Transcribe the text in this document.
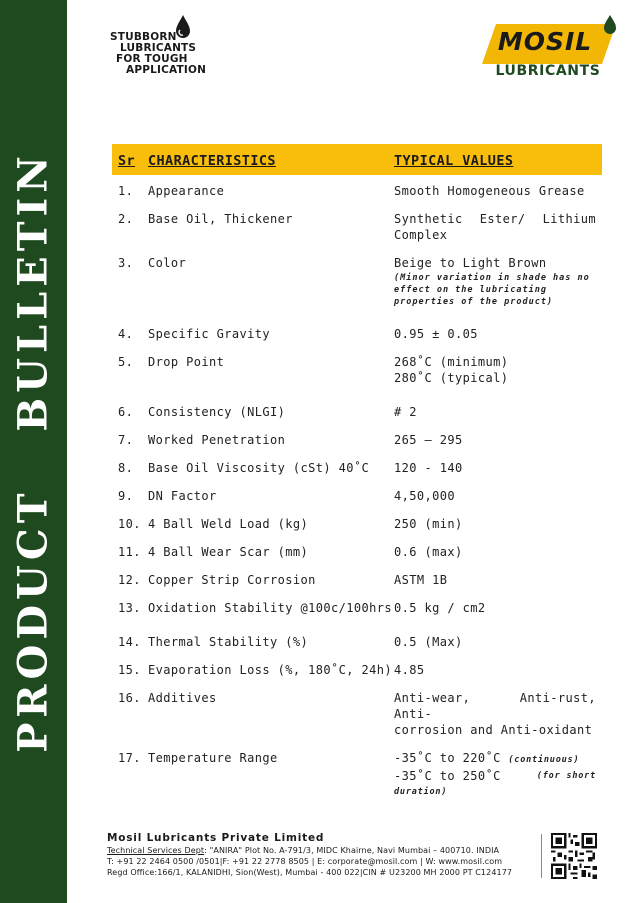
PRODUCT   BULLETIN
STUBBORN
LUBRICANTS
FOR TOUGH
APPLICATION
MOSIL
LUBRICANTS
Sr	CHARACTERISTICS	TYPICAL VALUES
1.	Appearance	Smooth Homogeneous Grease
2.	Base Oil, Thickener	Synthetic Ester/ Lithium
Complex

3.	Color	Beige to Light Brown
(Minor variation in shade has no effect on the lubricating properties of the product)

4.	Specific Gravity	0.95 ± 0.05
5.	Drop Point	268˚C (minimum)
280˚C (typical)

6.	Consistency (NLGI)	# 2
7.	Worked Penetration	265 – 295
8.	Base Oil Viscosity (cSt) 40˚C	120 - 140
9.	DN Factor	4,50,000
10.	4 Ball Weld Load (kg)	250 (min)
11.	4 Ball Wear Scar (mm)	0.6 (max)
12.	Copper Strip Corrosion	ASTM 1B
13.	Oxidation Stability @100c/100hrs	0.5 kg / cm2
14.	Thermal Stability (%)	0.5 (Max)
15.	Evaporation Loss (%, 180˚C, 24h)	4.85
16.	Additives	Anti-wear, Anti-rust, Anti-
corrosion and Anti-oxidant

17.	Temperature Range	-35˚C to 220˚C (continuous)
-35˚C to 250˚C (for short
duration)
Mosil Lubricants Private Limited
Technical Services Dept: "ANIRA" Plot No. A-791/3, MIDC Khairne, Navi Mumbai – 400710. INDIA
T: +91 22 2464 0500 /0501|F: +91 22 2778 8505 | E: corporate@mosil.com | W: www.mosil.com
Regd Office:166/1, KALANIDHI, Sion(West), Mumbai - 400 022|CIN # U23200 MH 2000 PT C124177
